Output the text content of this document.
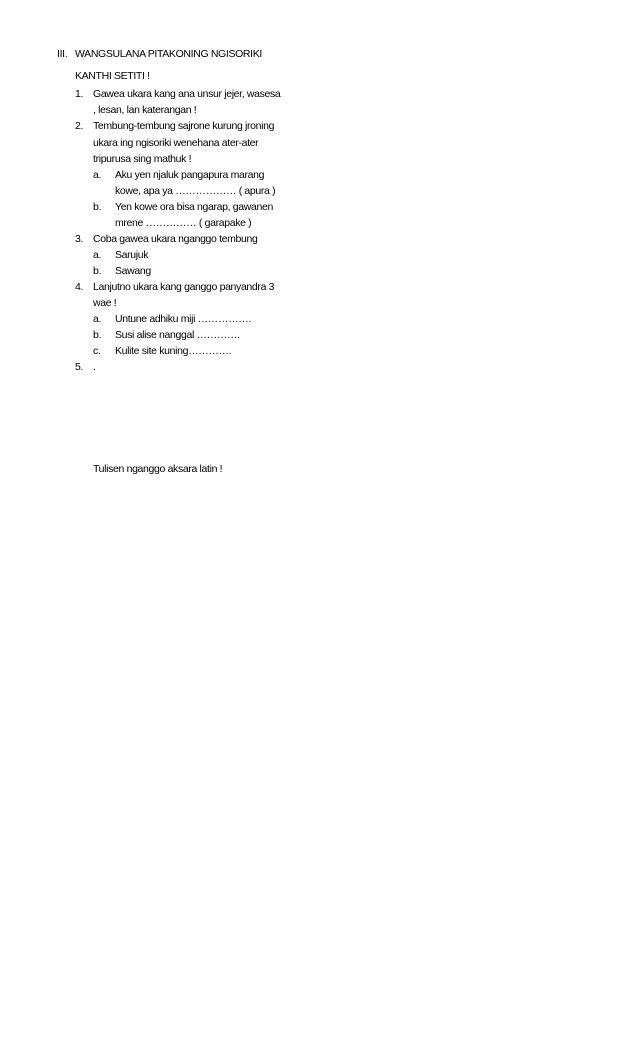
III. WANGSULANA PITAKONING NGISORIKI
KANTHI SETITI !
1. Gawea ukara kang ana unsur jejer, wasesa
, lesan, lan katerangan !
2. Tembung-tembung sajrone kurung jroning
ukara ing ngisoriki wenehana ater-ater
tripurusa sing mathuk !
a. Aku yen njaluk pangapura marang
kowe, apa ya ……………… ( apura )
b. Yen kowe ora bisa ngarap, gawanen
mrene …………… ( garapake )
3. Coba gawea ukara nganggo tembung
a. Sarujuk
b. Sawang
4. Lanjutno ukara kang ganggo panyandra 3
wae !
a. Untune adhiku miji …………….
b. Susi alise nanggal ………….
c. Kulite site kuning………….
5. .
Tulisen nganggo aksara latin !
